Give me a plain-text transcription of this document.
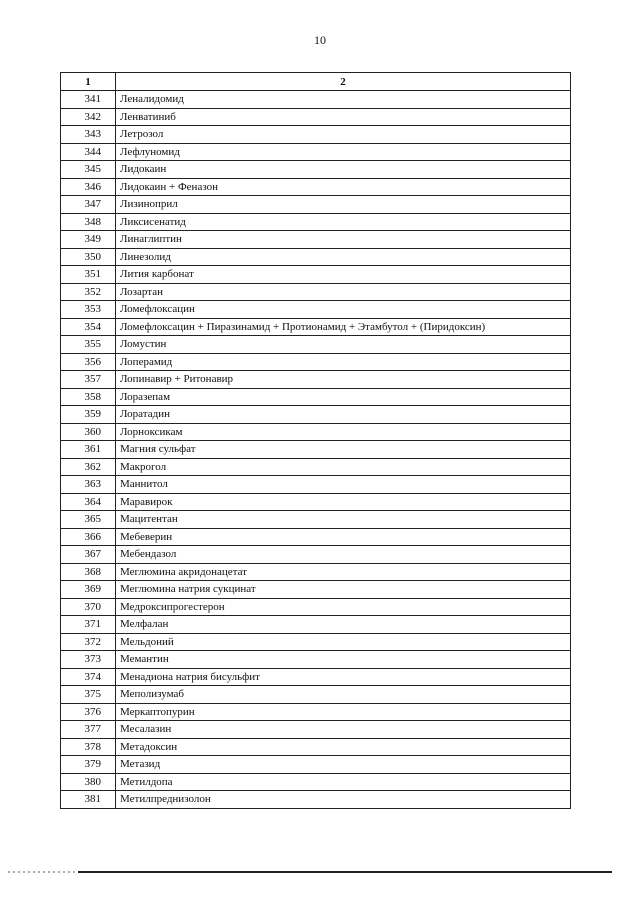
10
1	2
341	Леналидомид
342	Ленватиниб
343	Летрозол
344	Лефлуномид
345	Лидокаин
346	Лидокаин + Феназон
347	Лизиноприл
348	Ликсисенатид
349	Линаглиптин
350	Линезолид
351	Лития карбонат
352	Лозартан
353	Ломефлоксацин
354	Ломефлоксацин + Пиразинамид + Протионамид + Этамбутол + (Пиридоксин)
355	Ломустин
356	Лоперамид
357	Лопинавир + Ритонавир
358	Лоразепам
359	Лоратадин
360	Лорноксикам
361	Магния сульфат
362	Макрогол
363	Маннитол
364	Маравирок
365	Мацитентан
366	Мебеверин
367	Мебендазол
368	Меглюмина акридонацетат
369	Меглюмина натрия сукцинат
370	Медроксипрогестерон
371	Мелфалан
372	Мельдоний
373	Мемантин
374	Менадиона натрия бисульфит
375	Меполизумаб
376	Меркаптопурин
377	Месалазин
378	Метадоксин
379	Метазид
380	Метилдопа
381	Метилпреднизолон
